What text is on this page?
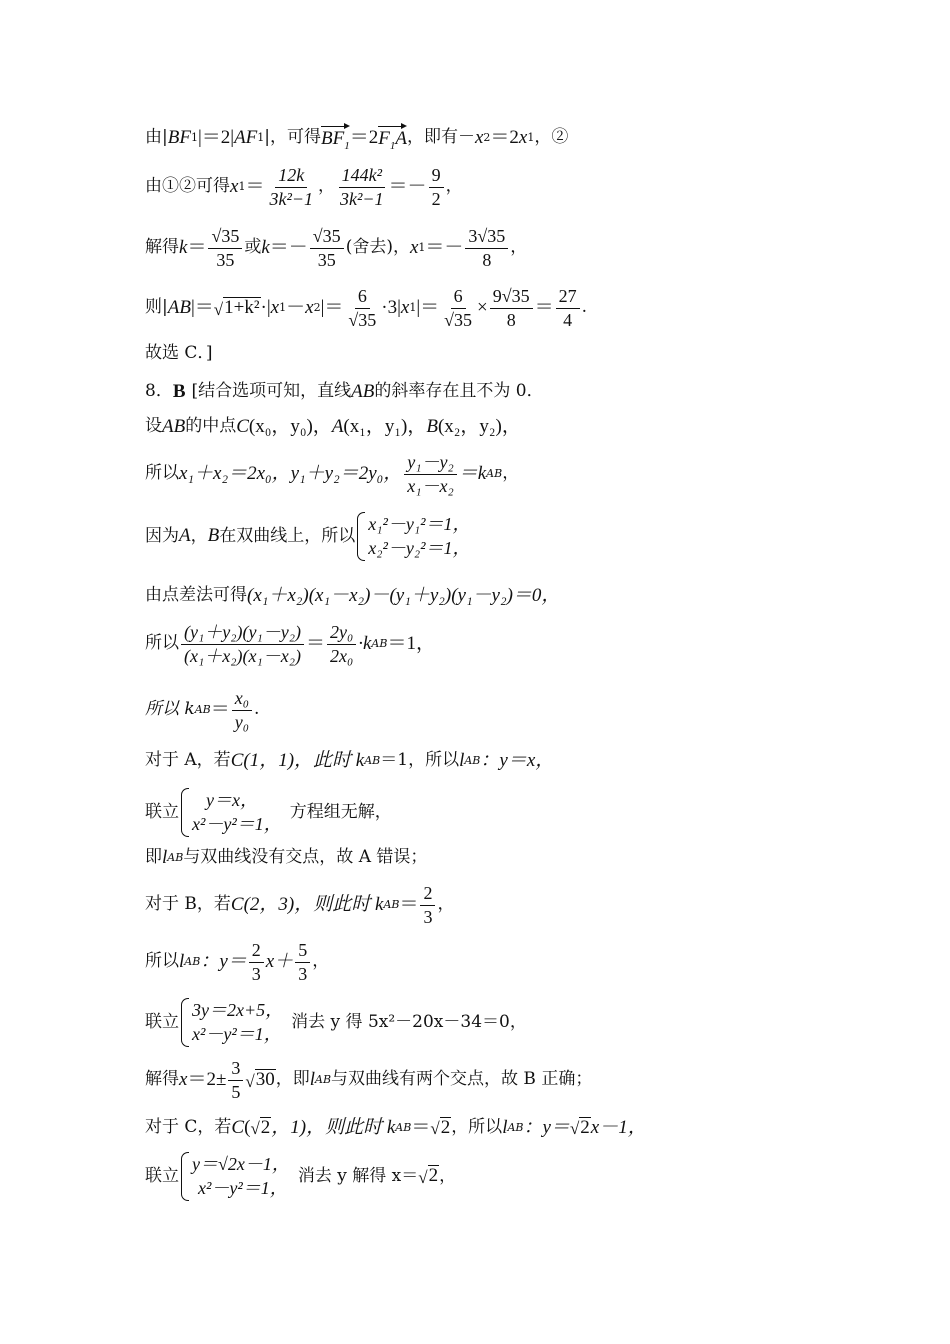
由| BF 1 |＝2| AF 1 |，可得 $BF_1 =2$ $F_1A$ ，即有－ x 2 ＝2 x 1 ，②
由①②可得 x $1 = \frac{12k}{\text{3k²−1}}$ ， $\frac{\text{144k²}}{\text{3k²−1}} =- \frac{9}{2}$ ，
解得 $k = \frac{√35}{35}$ 或 $k =- \frac{√35}{35}$ (舍去)， x $1 =- \frac{3√35}{8}$ ，
则| AB |＝ √ 1+k² ·| x 1 － x 2 |＝ $\frac{6}{√35} \cdot 3|$ x 1 |＝ $\frac{6}{√35} \times \frac{9√35}{8} = \frac{27}{4}$ .
故选 C．]
8． B [结合选项可知，直线 AB 的斜率存在且不为 0．
设 AB 的中点 C (x₀，y₀)， A (x₁，y₁)， B (x₂，y₂)，
所以 x₁＋x₂＝2x₀，y₁＋y₂＝2y₀， $\frac{\text{y₁－y₂}}{\text{x₁－x₂}} =k$ AB ，
因为 A ， B 在双曲线上，所以
x₁²－y₁²＝1，
x₂²－y₂²＝1，
由点差法可得 (x₁＋x₂)(x₁－x₂)－(y₁＋y₂)(y₁－y₂)＝0，
所以 $\frac{\text{(y₁＋y₂)(y₁－y₂)}}{\text{(x₁＋x₂)(x₁－x₂)}} = \frac{\text{2y₀}}{\text{2x₀}} \cdot k$ AB ＝1，
所以 k AB ＝ $\frac{\text{x₀}}{\text{y₀}}$ .
对于 A，若 C (1，1)，此时 k AB ＝1，所以 l AB ：y＝x，
联立
y＝x，
x²－y²＝1，
方程组无解，
即 l AB 与双曲线没有交点，故 A 错误；
对于 B，若 C (2，3)，则此时 k AB ＝ $\frac{2}{3}$ ，
所以 l AB ：$y= \frac{2}{3} x+ \frac{5}{3}$ ，
联立
3y＝2x+5，
x²－y²＝1，
消去 y 得 5x²－20x－34＝0，
解得 $x =2\pm \frac{3}{5}$ √ 30 ，即 l AB 与双曲线有两个交点，故 B 正确；
对于 C，若 C ( √ 2 ，1)，则此时 k AB ＝ √ 2 ，所以 l AB ：y＝ √ 2 x－1，
联立
y＝√2x－1，
x²－y²＝1，
消去 y 解得 x＝ √ 2 ，
